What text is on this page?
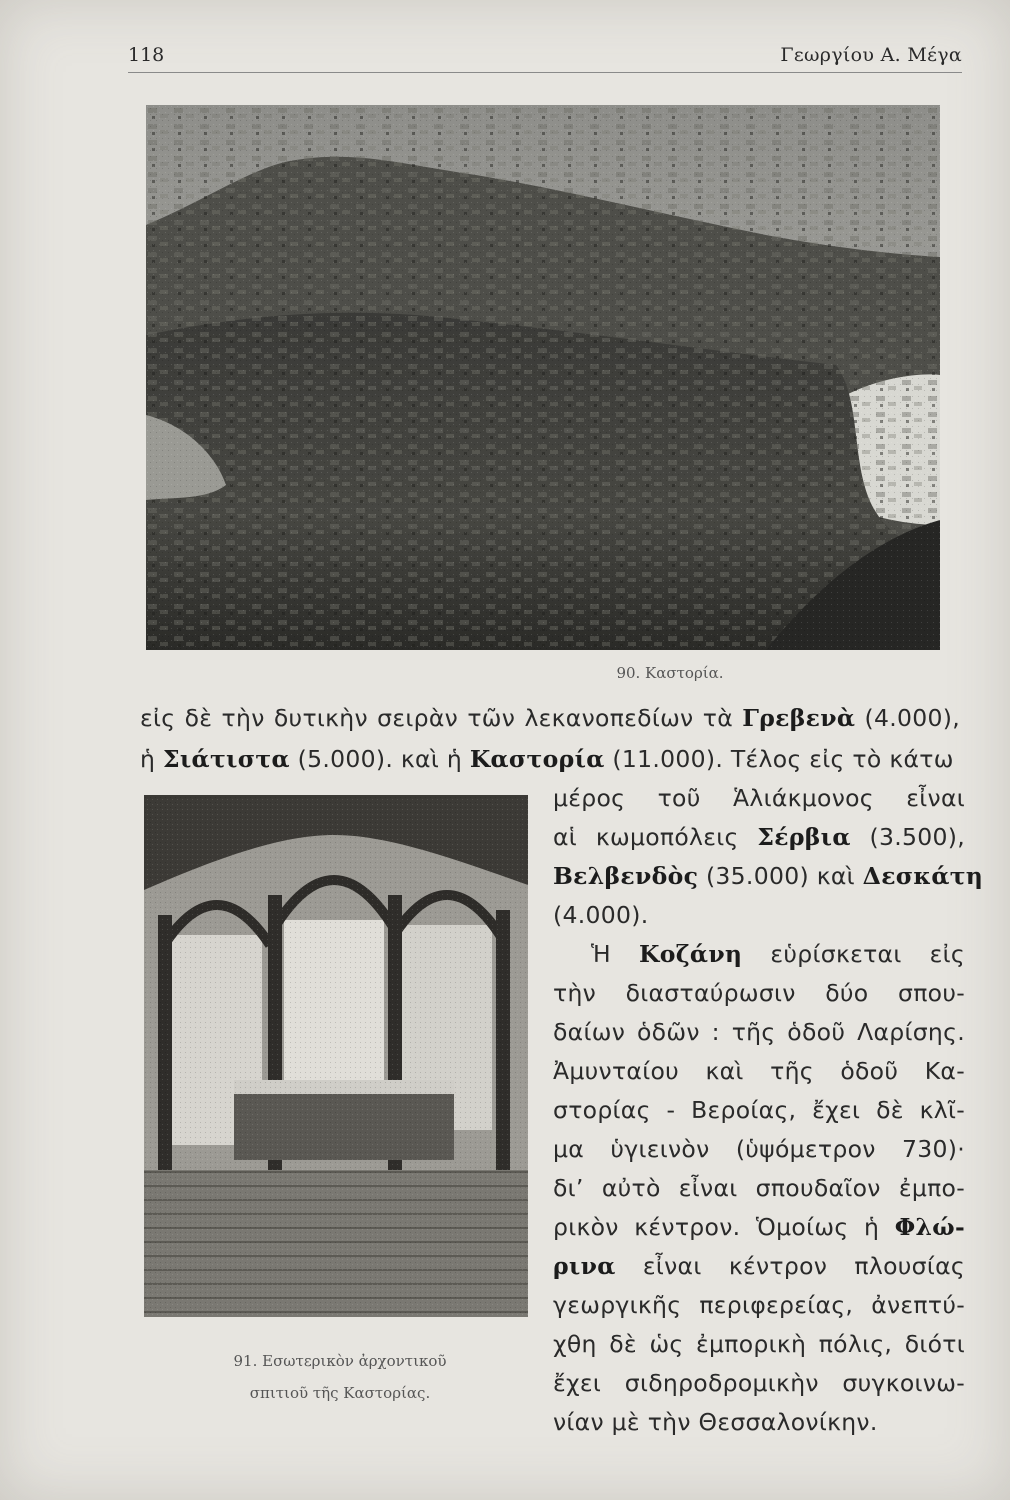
118	Γεωργίου Α. Μέγα
90. Καστορία.
91. Εσωτερικὸν ἀρχοντικοῦ
σπιτιοῦ τῆς Καστορίας.
εἰς δὲ τὴν δυτικὴν σειρὰν τῶν λεκανοπεδίων τὰ Γρεβενὰ (4.000),
ἡ Σιάτιστα (5.000). καὶ ἡ Καστορία (11.000). Τέλος εἰς τὸ κάτω
μέρος τοῦ Ἁλιάκμονος εἶναι
αἱ κωμοπόλεις Σέρβια (3.500),
Βελβενδὸς (35.000) καὶ Δεσκάτη
(4.000).
Ἡ Κοζάνη εὑρίσκεται εἰς
τὴν διασταύρωσιν δύο σπου-
δαίων ὁδῶν : τῆς ὁδοῦ Λαρίσης.
Ἀμυνταίου καὶ τῆς ὁδοῦ Κα-
στορίας - Βεροίας, ἔχει δὲ κλῖ-
μα ὑγιεινὸν (ὑψόμετρον 730)·
δι’ αὐτὸ εἶναι σπουδαῖον ἐμπο-
ρικὸν κέντρον. Ὁμοίως ἡ Φλώ-
ρινα εἶναι κέντρον πλουσίας
γεωργικῆς περιφερείας, ἀνεπτύ-
χθη δὲ ὡς ἐμπορικὴ πόλις, διότι
ἔχει σιδηροδρομικὴν συγκοινω-
νίαν μὲ τὴν Θεσσαλονίκην.
